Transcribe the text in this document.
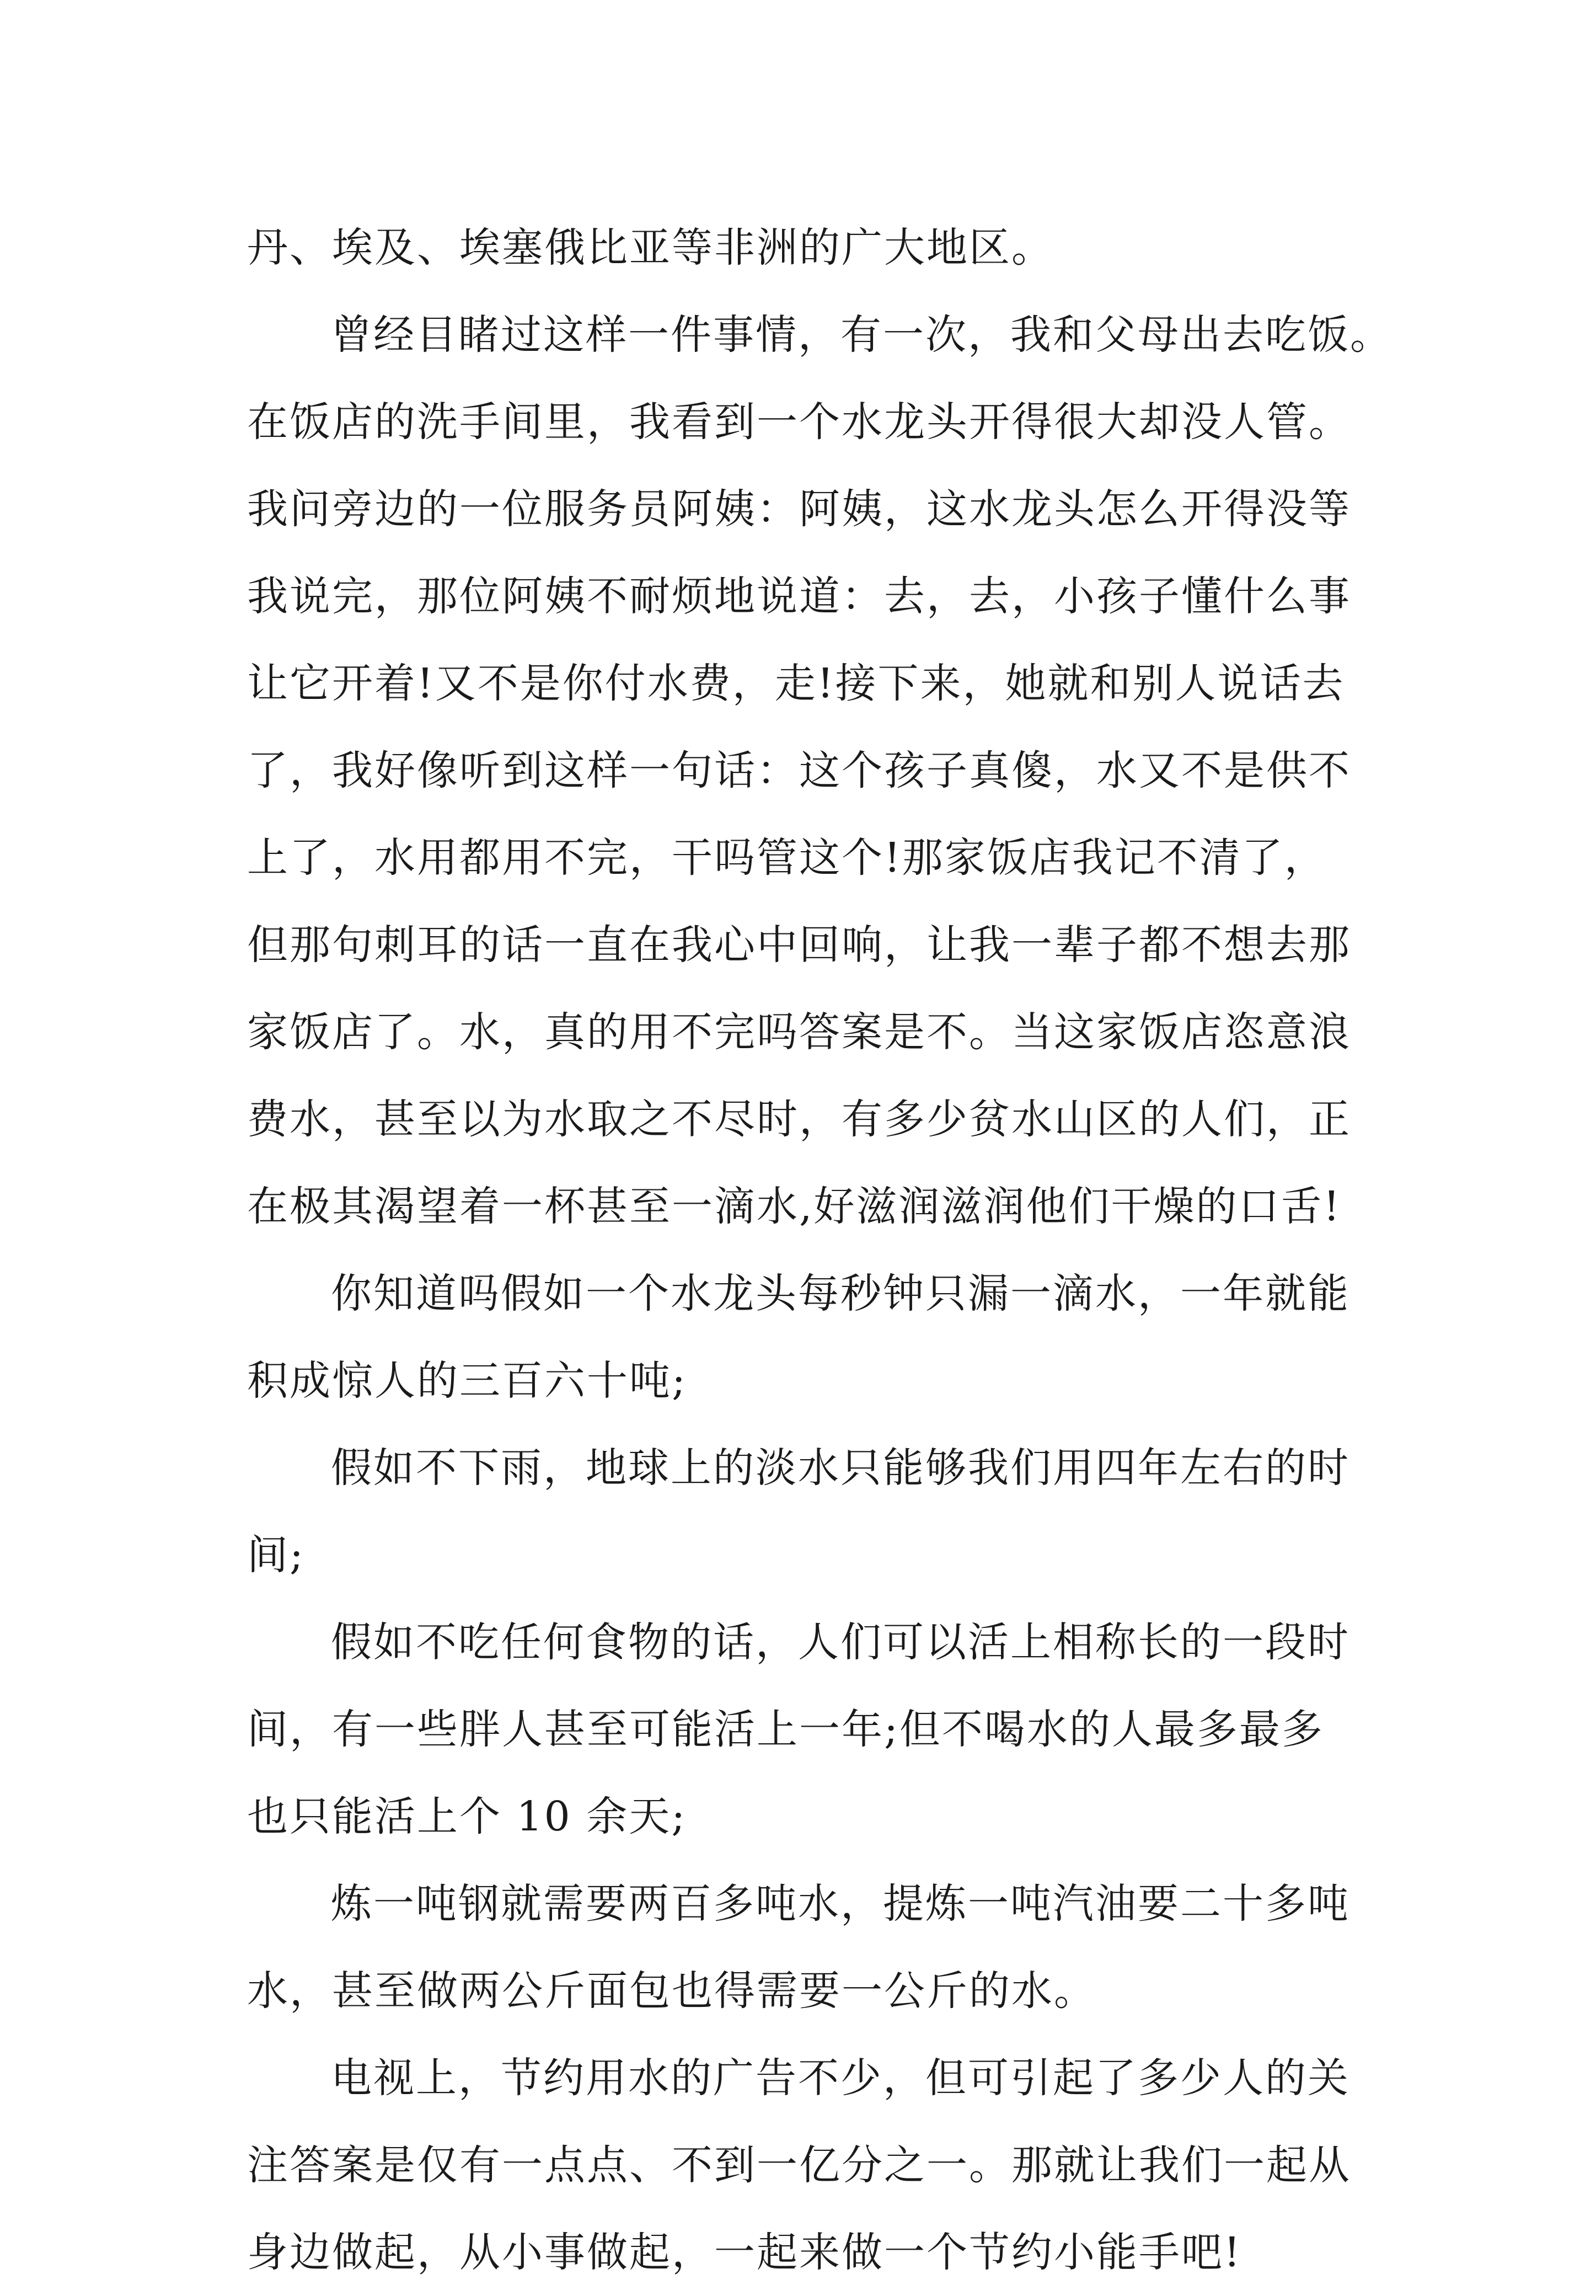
丹、埃及、埃塞俄比亚等非洲的广大地区。
曾经目睹过这样一件事情，有一次，我和父母出去吃饭。
在饭店的洗手间里，我看到一个水龙头开得很大却没人管。
我问旁边的一位服务员阿姨：阿姨，这水龙头怎么开得没等
我说完，那位阿姨不耐烦地说道：去，去，小孩子懂什么事
让它开着!又不是你付水费，走!接下来，她就和别人说话去
了，我好像听到这样一句话：这个孩子真傻，水又不是供不
上了，水用都用不完，干吗管这个!那家饭店我记不清了，
但那句刺耳的话一直在我心中回响，让我一辈子都不想去那
家饭店了。水，真的用不完吗答案是不。当这家饭店恣意浪
费水，甚至以为水取之不尽时，有多少贫水山区的人们，正
在极其渴望着一杯甚至一滴水,好滋润滋润他们干燥的口舌!
你知道吗假如一个水龙头每秒钟只漏一滴水，一年就能
积成惊人的三百六十吨;
假如不下雨，地球上的淡水只能够我们用四年左右的时
间;
假如不吃任何食物的话，人们可以活上相称长的一段时
间，有一些胖人甚至可能活上一年;但不喝水的人最多最多
也只能活上个 10 余天;
炼一吨钢就需要两百多吨水，提炼一吨汽油要二十多吨
水，甚至做两公斤面包也得需要一公斤的水。
电视上，节约用水的广告不少，但可引起了多少人的关
注答案是仅有一点点、不到一亿分之一。那就让我们一起从
身边做起，从小事做起，一起来做一个节约小能手吧!
